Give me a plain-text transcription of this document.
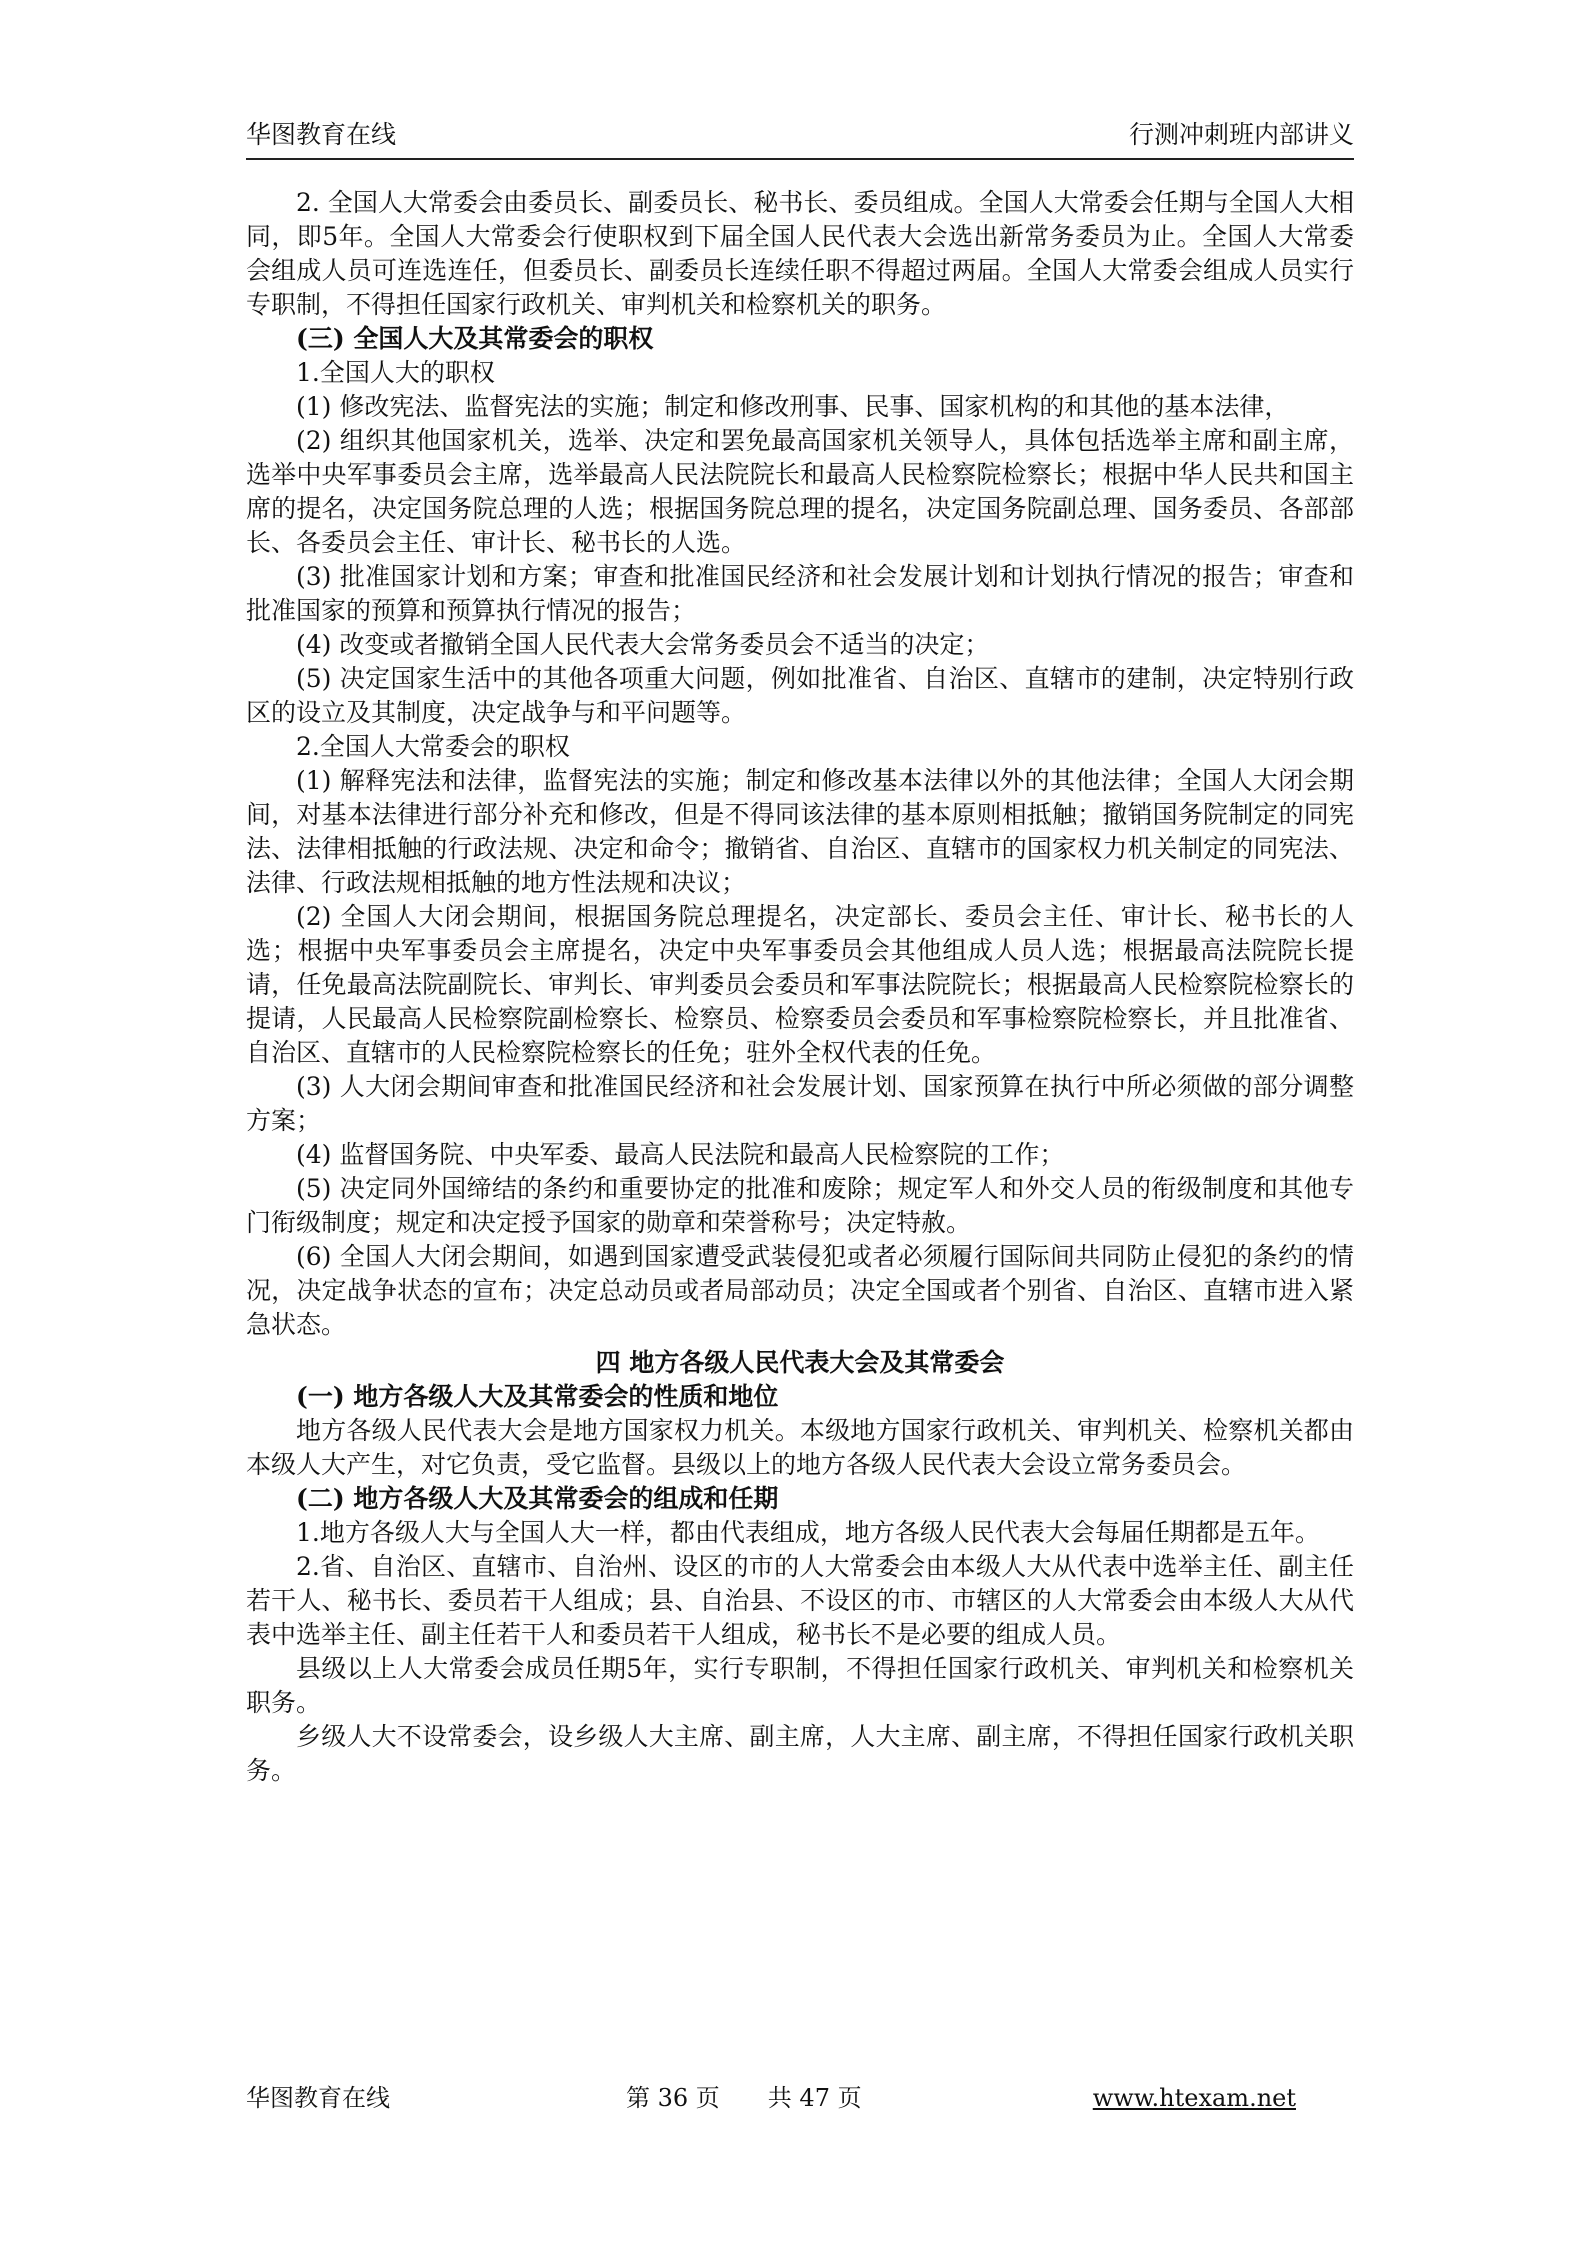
华图教育在线	行测冲刺班内部讲义

2. 全国人大常委会由委员长、副委员长、秘书长、委员组成。全国人大常委会任期与全国人大相同，即5年。全国人大常委会行使职权到下届全国人民代表大会选出新常务委员为止。全国人大常委会组成人员可连选连任，但委员长、副委员长连续任职不得超过两届。全国人大常委会组成人员实行专职制，不得担任国家行政机关、审判机关和检察机关的职务。

(三) 全国人大及其常委会的职权

1.全国人大的职权

(1) 修改宪法、监督宪法的实施；制定和修改刑事、民事、国家机构的和其他的基本法律，

(2) 组织其他国家机关，选举、决定和罢免最高国家机关领导人，具体包括选举主席和副主席，选举中央军事委员会主席，选举最高人民法院院长和最高人民检察院检察长；根据中华人民共和国主席的提名，决定国务院总理的人选；根据国务院总理的提名，决定国务院副总理、国务委员、各部部长、各委员会主任、审计长、秘书长的人选。

(3) 批准国家计划和方案；审查和批准国民经济和社会发展计划和计划执行情况的报告；审查和批准国家的预算和预算执行情况的报告；

(4) 改变或者撤销全国人民代表大会常务委员会不适当的决定；

(5) 决定国家生活中的其他各项重大问题，例如批准省、自治区、直辖市的建制，决定特别行政区的设立及其制度，决定战争与和平问题等。

2.全国人大常委会的职权

(1) 解释宪法和法律，监督宪法的实施；制定和修改基本法律以外的其他法律；全国人大闭会期间，对基本法律进行部分补充和修改，但是不得同该法律的基本原则相抵触；撤销国务院制定的同宪法、法律相抵触的行政法规、决定和命令；撤销省、自治区、直辖市的国家权力机关制定的同宪法、法律、行政法规相抵触的地方性法规和决议；

(2) 全国人大闭会期间，根据国务院总理提名，决定部长、委员会主任、审计长、秘书长的人选；根据中央军事委员会主席提名，决定中央军事委员会其他组成人员人选；根据最高法院院长提请，任免最高法院副院长、审判长、审判委员会委员和军事法院院长；根据最高人民检察院检察长的提请，人民最高人民检察院副检察长、检察员、检察委员会委员和军事检察院检察长，并且批准省、自治区、直辖市的人民检察院检察长的任免；驻外全权代表的任免。

(3) 人大闭会期间审查和批准国民经济和社会发展计划、国家预算在执行中所必须做的部分调整方案；

(4) 监督国务院、中央军委、最高人民法院和最高人民检察院的工作；

(5) 决定同外国缔结的条约和重要协定的批准和废除；规定军人和外交人员的衔级制度和其他专门衔级制度；规定和决定授予国家的勋章和荣誉称号；决定特赦。

(6) 全国人大闭会期间，如遇到国家遭受武装侵犯或者必须履行国际间共同防止侵犯的条约的情况，决定战争状态的宣布；决定总动员或者局部动员；决定全国或者个别省、自治区、直辖市进入紧急状态。

四 地方各级人民代表大会及其常委会

(一) 地方各级人大及其常委会的性质和地位

地方各级人民代表大会是地方国家权力机关。本级地方国家行政机关、审判机关、检察机关都由本级人大产生，对它负责，受它监督。县级以上的地方各级人民代表大会设立常务委员会。

(二) 地方各级人大及其常委会的组成和任期

1.地方各级人大与全国人大一样，都由代表组成，地方各级人民代表大会每届任期都是五年。

2.省、自治区、直辖市、自治州、设区的市的人大常委会由本级人大从代表中选举主任、副主任若干人、秘书长、委员若干人组成；县、自治县、不设区的市、市辖区的人大常委会由本级人大从代表中选举主任、副主任若干人和委员若干人组成，秘书长不是必要的组成人员。

县级以上人大常委会成员任期5年，实行专职制，不得担任国家行政机关、审判机关和检察机关职务。

乡级人大不设常委会，设乡级人大主席、副主席，人大主席、副主席，不得担任国家行政机关职务。

华图教育在线	第 36 页　　共 47 页	www.htexam.net
